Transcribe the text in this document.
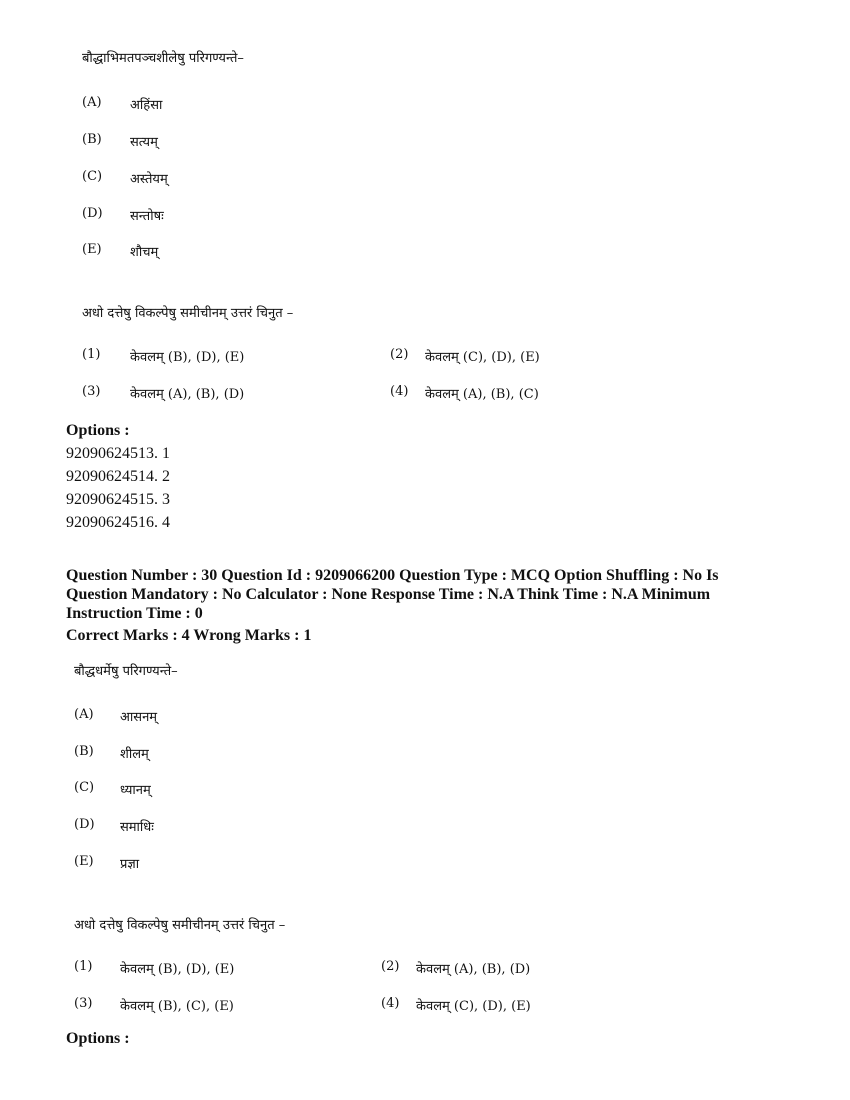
बौद्धाभिमतपञ्चशीलेषु परिगण्यन्ते–
(A) अहिंसा
(B) सत्यम्
(C) अस्तेयम्
(D) सन्तोषः
(E) शौचम्
अधो दत्तेषु विकल्पेषु समीचीनम् उत्तरं चिनुत –
(1) केवलम् (B), (D), (E)	(2) केवलम् (C), (D), (E)
(3) केवलम् (A), (B), (D)	(4) केवलम् (A), (B), (C)
Options :
92090624513. 1
92090624514. 2
92090624515. 3
92090624516. 4
Question Number : 30 Question Id : 9209066200 Question Type : MCQ Option Shuffling : No Is Question Mandatory : No Calculator : None Response Time : N.A Think Time : N.A Minimum Instruction Time : 0
Correct Marks : 4 Wrong Marks : 1
बौद्धधर्मेषु परिगण्यन्ते–
(A) आसनम्
(B) शीलम्
(C) ध्यानम्
(D) समाधिः
(E) प्रज्ञा
अधो दत्तेषु विकल्पेषु समीचीनम् उत्तरं चिनुत –
(1) केवलम् (B), (D), (E)	(2) केवलम् (A), (B), (D)
(3) केवलम् (B), (C), (E)	(4) केवलम् (C), (D), (E)
Options :
